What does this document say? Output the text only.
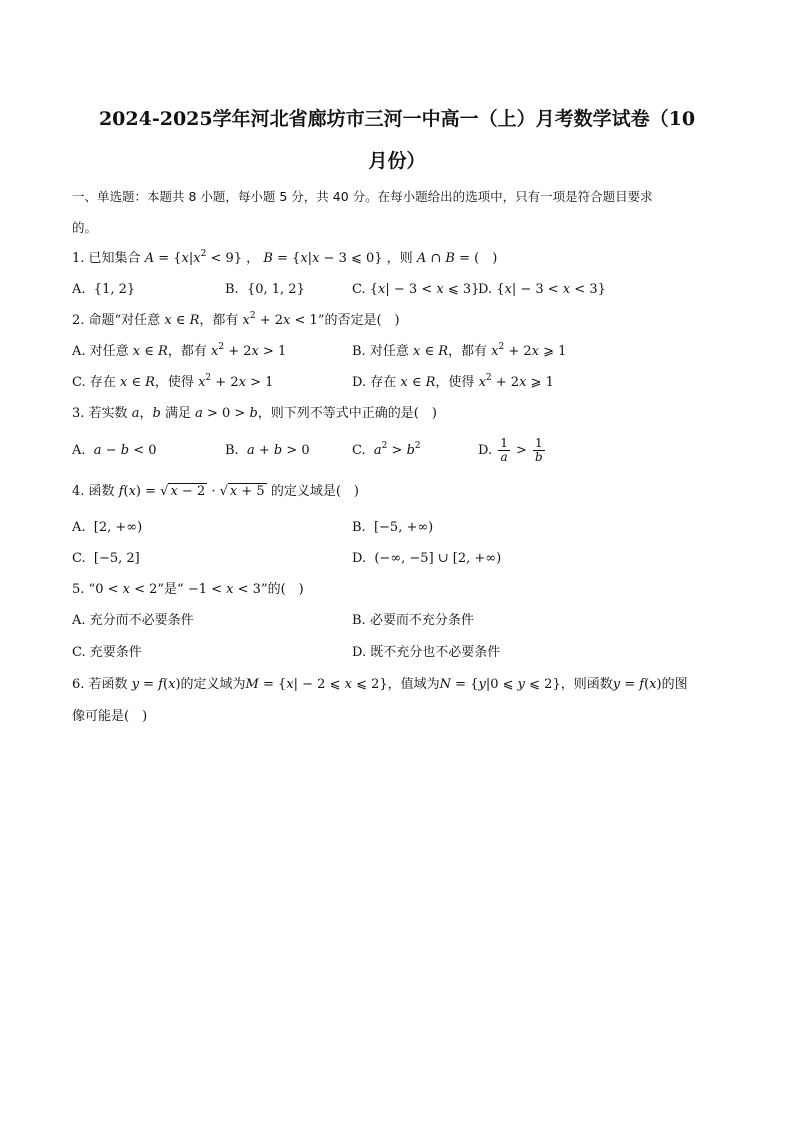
2024-2025学年河北省廊坊市三河一中高一（上）月考数学试卷（10
月份）
一、单选题：本题共 8 小题，每小题 5 分，共 40 分。在每小题给出的选项中，只有一项是符合题目要求
的。
1. 已知集合 $A = \{x|x^2 < 9\}$ ， B = {x|x − 3 ⩽ 0} ，则 A ∩ B = (　)
A.  {1, 2}	B.  {0, 1, 2}	C. {x| − 3 < x ⩽ 3}
D. {x| − 3 < x < 3}
2. 命题“对任意 x ∈ R，都有 $x^2 + 2x < 1$”的否定是(　)
A. 对任意 x ∈ R，都有 $x^2 + 2x > 1$	B. 对任意 x ∈ R，都有 $x^2 + 2x$ ⩾ 1
C. 存在 x ∈ R，使得 $x^2 + 2x > 1$	D. 存在 x ∈ R，使得 $x^2 + 2x$ ⩾ 1
3. 若实数 a，b 满足 a > 0 > b，则下列不等式中正确的是(　)
A. a − b < 0	B. a + b > 0	C. $a^2 > b^2$	D. $\frac{1}{a} > \frac{1}{b}$
4. 函数 f(x) = √ x − 2 · √ x + 5 的定义域是(　)
A.  [2, +∞)	B.  [−5, +∞)
C.  [−5, 2]	D.  (−∞, −5] ∪ [2, +∞)
5. “0 < x < 2”是“ −1 < x < 3”的(　)
A. 充分而不必要条件	B. 必要而不充分条件
C. 充要条件	D. 既不充分也不必要条件
6. 若函数 y = f(x)的定义域为M = {x| − 2 ⩽ x ⩽ 2}，值域为N = {y|0 ⩽ y ⩽ 2}，则函数y = f(x)的图
像可能是(　)
